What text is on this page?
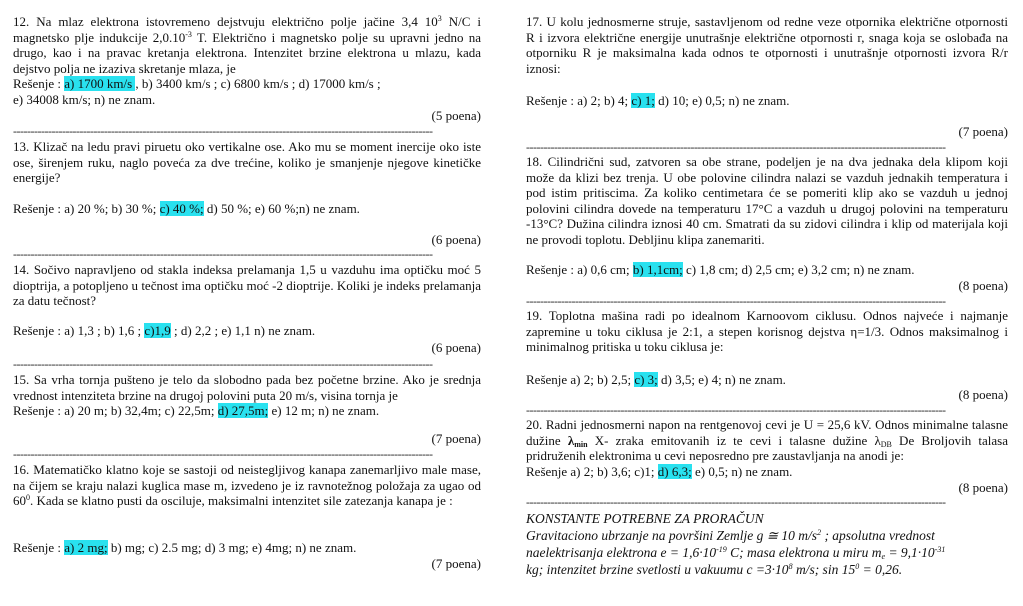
12. Na mlaz elektrona istovremeno dejstvuju električno polje jačine 3,4 $10^3$ N/C i magnetsko plje indukcije $2,0.10^{-3}$ T. Električno i magnetsko polje su upravni jedno na drugo, kao i na pravac kretanja elektrona. Intenzitet brzine elektrona u mlazu, kada dejstvo polja ne izaziva skretanje mlaza, je

Rešenje : a) 1700 km/s , b) 3400 km/s ; c) 6800 km/s ; d) 17000 km/s ;

e) 34008 km/s; n) ne znam.

(5 poena)
------------------------------------------------------------------------------------------------------------------------

13. Klizač na ledu pravi piruetu oko vertikalne ose. Ako mu se moment inercije oko iste ose, širenjem ruku, naglo poveća za dve trećine, koliko je smanjenje njegove kinetičke energije?

Rešenje : a) 20 %; b) 30 %; c) 40 %; d) 50 %; e) 60 %;n) ne znam.

(6 poena)
------------------------------------------------------------------------------------------------------------------------

14. Sočivo napravljeno od stakla indeksa prelamanja 1,5 u vazduhu ima optičku moć 5 dioptrija, a potopljeno u tečnost ima optičku moć -2 dioptrije. Koliki je indeks prelamanja za datu tečnost?

Rešenje : a) 1,3 ; b) 1,6 ; c)1,9 ; d) 2,2 ; e) 1,1 n) ne znam.

(6 poena)
------------------------------------------------------------------------------------------------------------------------

15. Sa vrha tornja pušteno je telo da slobodno pada bez početne brzine. Ako je srednja vrednost intenziteta brzine na drugoj polovini puta 20 m/s, visina tornja je

Rešenje : a) 20 m; b) 32,4m; c) 22,5m; d) 27,5m; e) 12 m; n) ne znam.

(7 poena)
------------------------------------------------------------------------------------------------------------------------

16. Matematičko klatno koje se sastoji od neistegljivog kanapa zanemarljivo male mase, na čijem se kraju nalazi kuglica mase m, izvedeno je iz ravnotežnog položaja za ugao od $60^0$. Kada se klatno pusti da osciluje, maksimalni intenzitet sile zatezanja kanapa je :

Rešenje : a) 2 mg; b) mg; c) 2.5 mg; d) 3 mg; e) 4mg; n) ne znam.

(7 poena)

17. U kolu jednosmerne struje, sastavljenom od redne veze otpornika električne otpornosti R i izvora električne energije unutrašnje električne otpornosti r, snaga koja se oslobađa na otporniku R je maksimalna kada odnos te otpornosti i unutrašnje otpornosti izvora R/r iznosi:

Rešenje : a) 2; b) 4; c) 1; d) 10; e) 0,5; n) ne znam.

(7 poena)
------------------------------------------------------------------------------------------------------------------------

18. Cilindrični sud, zatvoren sa obe strane, podeljen je na dva jednaka dela klipom koji može da klizi bez trenja. U obe polovine cilindra nalazi se vazduh jednakih temperatura i pod istim pritiscima. Za koliko centimetara će se pomeriti klip ako se vazduh u jednoj polovini cilindra dovede na temperaturu 17°C a vazduh u drugoj polovini na temperaturu -13°C? Dužina cilindra iznosi 40 cm. Smatrati da su zidovi cilindra i klip od materijala koji ne provodi toplotu. Debljinu klipa zanemariti.

Rešenje : a) 0,6 cm; b) 1,1cm; c) 1,8 cm; d) 2,5 cm; e) 3,2 cm; n) ne znam.

(8 poena)
------------------------------------------------------------------------------------------------------------------------

19. Toplotna mašina radi po idealnom Karnoovom ciklusu. Odnos najveće i najmanje zapremine u toku ciklusa je 2:1, a stepen korisnog dejstva η=1/3. Odnos maksimalnog i minimalnog pritiska u toku ciklusa je:

Rešenje a) 2; b) 2,5; c) 3; d) 3,5; e) 4; n) ne znam.

(8 poena)
------------------------------------------------------------------------------------------------------------------------

20. Radni jednosmerni napon na rentgenovoj cevi je U = 25,6 kV. Odnos minimalne talasne dužine $\lambda_{min}$ X- zraka emitovanih iz te cevi i talasne dužine $\lambda_{DB}$ De Broljovih talasa pridruženih elektronima u cevi neposredno pre zaustavljanja na anodi je:

Rešenje a) 2; b) 3,6; c)1; d) 6,3; e) 0,5; n) ne znam.

(8 poena)
------------------------------------------------------------------------------------------------------------------------

KONSTANTE POTREBNE ZA PRORAČUN

Gravitaciono ubrzanje na površini Zemlje g ≅ 10 $m/s^2$ ; apsolutna vrednost

naelektrisanja elektrona $e = 1,6\cdot 10^{-19}$ C; masa elektrona u miru $m_e = 9,1\cdot 10^{-31}$

kg; intenzitet brzine svetlosti u vakuumu $c =3\cdot 10^8$ m/s; $\sin 15^0 = 0,26$.
